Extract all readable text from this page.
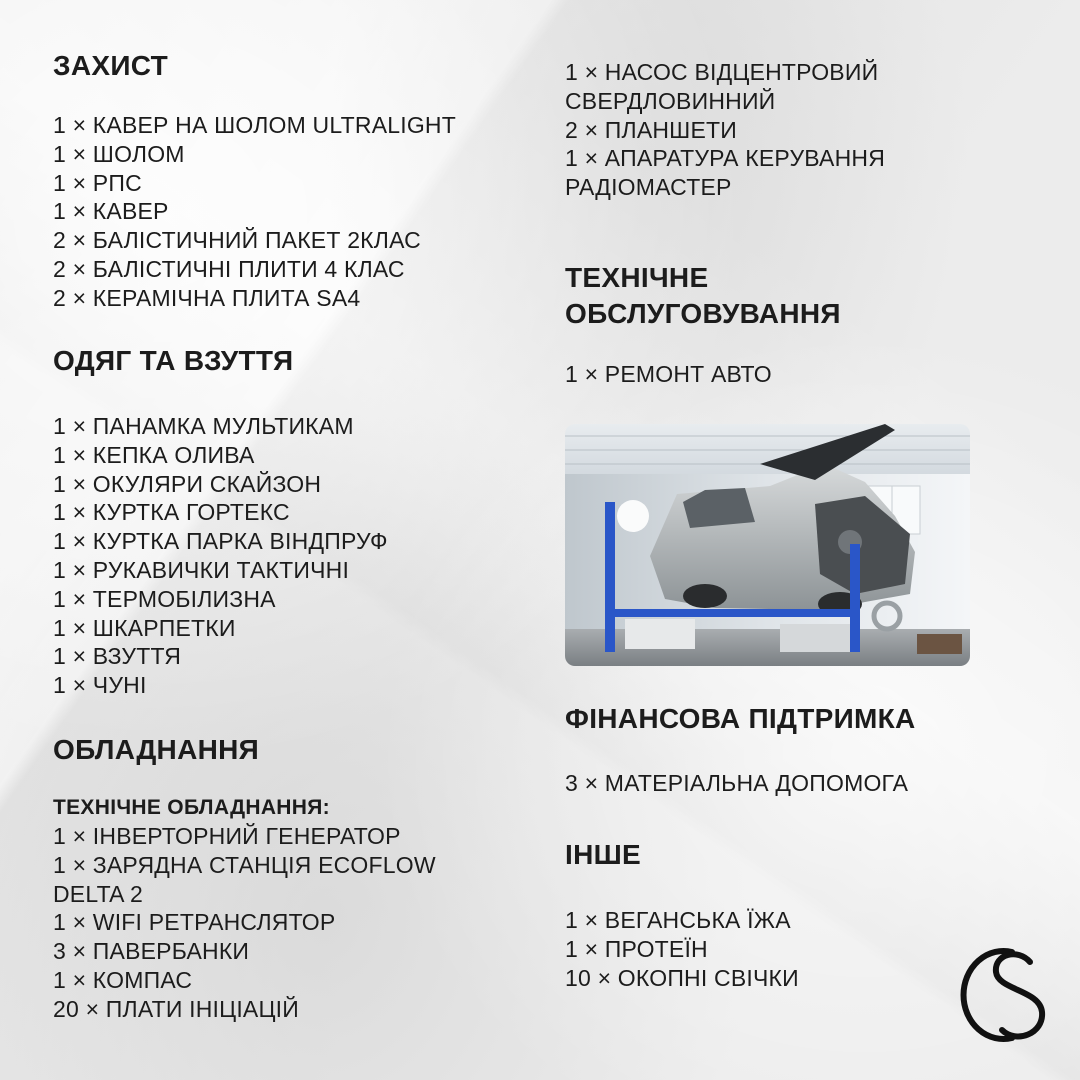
ЗАХИСТ
1 × КАВЕР НА ШОЛОМ ULTRALIGHT
1 × ШОЛОМ
1 × РПС
1 × КАВЕР
2 × БАЛІСТИЧНИЙ ПАКЕТ 2КЛАС
2 × БАЛІСТИЧНІ ПЛИТИ 4 КЛАС
2 × КЕРАМІЧНА ПЛИТА SA4
ОДЯГ ТА ВЗУТТЯ
1 × ПАНАМКА МУЛЬТИКАМ
1 × КЕПКА ОЛИВА
1 × ОКУЛЯРИ СКАЙЗОН
1 × КУРТКА ГОРТЕКС
1 × КУРТКА ПАРКА ВІНДПРУФ
1 × РУКАВИЧКИ ТАКТИЧНІ
1 × ТЕРМОБІЛИЗНА
1 × ШКАРПЕТКИ
1 × ВЗУТТЯ
1 × ЧУНІ
ОБЛАДНАННЯ
ТЕХНІЧНЕ ОБЛАДНАННЯ:
1 × ІНВЕРТОРНИЙ ГЕНЕРАТОР
1 × ЗАРЯДНА СТАНЦІЯ ECOFLOW DELTA 2
1 × WIFI РЕТРАНСЛЯТОР
3 × ПАВЕРБАНКИ
1 × КОМПАС
20 × ПЛАТИ ІНІЦІАЦІЙ
1 × НАСОС ВІДЦЕНТРОВИЙ СВЕРДЛОВИННИЙ
2 × ПЛАНШЕТИ
1 × АПАРАТУРА КЕРУВАННЯ РАДІОМАСТЕР
ТЕХНІЧНЕ
ОБСЛУГОВУВАННЯ
1 × РЕМОНТ АВТО
ФІНАНСОВА ПІДТРИМКА
3 × МАТЕРІАЛЬНА ДОПОМОГА
ІНШЕ
1 × ВЕГАНСЬКА ЇЖА
1 × ПРОТЕЇН
10 × ОКОПНІ СВІЧКИ
